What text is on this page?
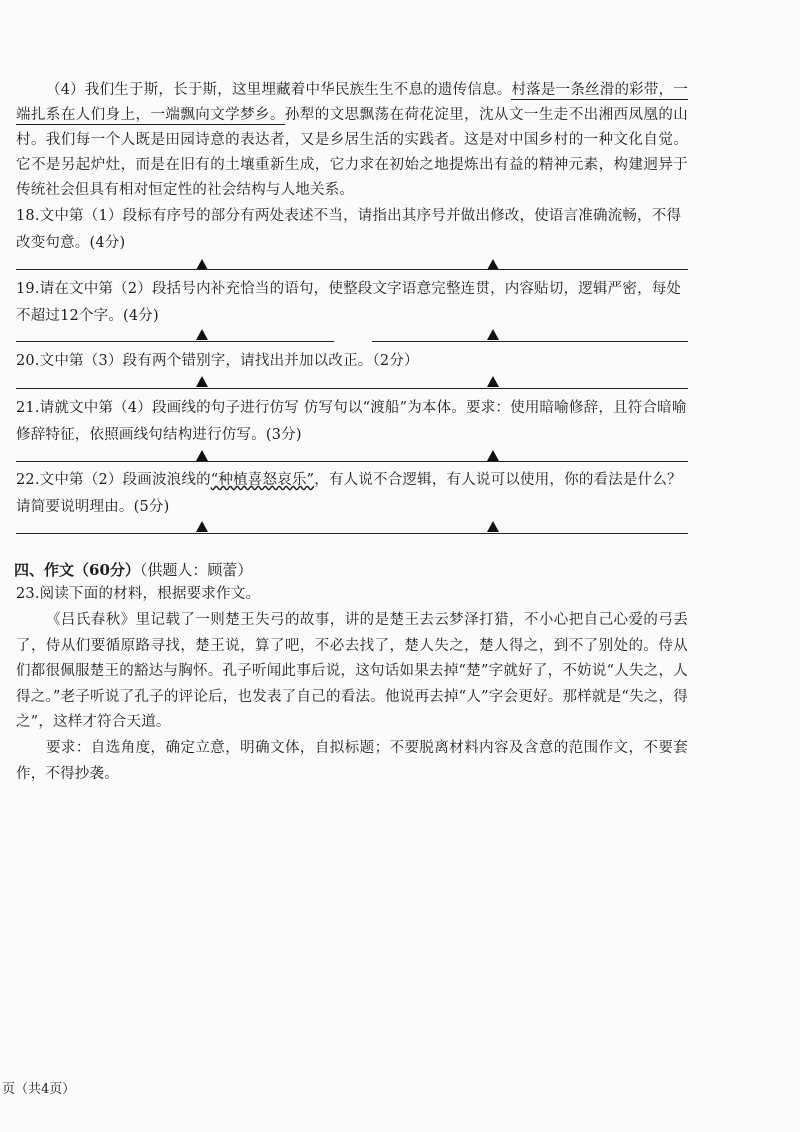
（4）我们生于斯，长于斯，这里埋藏着中华民族生生不息的遗传信息。村落是一条丝滑的彩带，一端扎系在人们身上，一端飘向文学梦乡。孙犁的文思飘荡在荷花淀里，沈从文一生走不出湘西凤凰的山村。我们每一个人既是田园诗意的表达者，又是乡居生活的实践者。这是对中国乡村的一种文化自觉。它不是另起炉灶，而是在旧有的土壤重新生成，它力求在初始之地提炼出有益的精神元素，构建迥异于传统社会但具有相对恒定性的社会结构与人地关系。
18.文中第（1）段标有序号的部分有两处表述不当，请指出其序号并做出修改，使语言准确流畅，不得改变句意。(4分)
19.请在文中第（2）段括号内补充恰当的语句，使整段文字语意完整连贯，内容贴切，逻辑严密，每处不超过12个字。(4分)
20.文中第（3）段有两个错别字，请找出并加以改正。（2分）
21.请就文中第（4）段画线的句子进行仿写 仿写句以“渡船”为本体。要求：使用暗喻修辞，且符合暗喻修辞特征，依照画线句结构进行仿写。(3分)
22.文中第（2）段画波浪线的“种植喜怒哀乐”，有人说不合逻辑，有人说可以使用，你的看法是什么？请简要说明理由。(5分)
四、作文（60分）（供题人：顾蕾）
23.阅读下面的材料，根据要求作文。
《吕氏春秋》里记载了一则楚王失弓的故事，讲的是楚王去云梦泽打猎，不小心把自己心爱的弓丢了，侍从们要循原路寻找，楚王说，算了吧，不必去找了，楚人失之，楚人得之，到不了别处的。侍从们都很佩服楚王的豁达与胸怀。孔子听闻此事后说，这句话如果去掉“楚”字就好了，不妨说“人失之，人得之。”老子听说了孔子的评论后，也发表了自己的看法。他说再去掉“人”字会更好。那样就是“失之，得之”，这样才符合天道。
要求：自选角度，确定立意，明确文体，自拟标题；不要脱离材料内容及含意的范围作文，不要套作，不得抄袭。
页（共4页）
